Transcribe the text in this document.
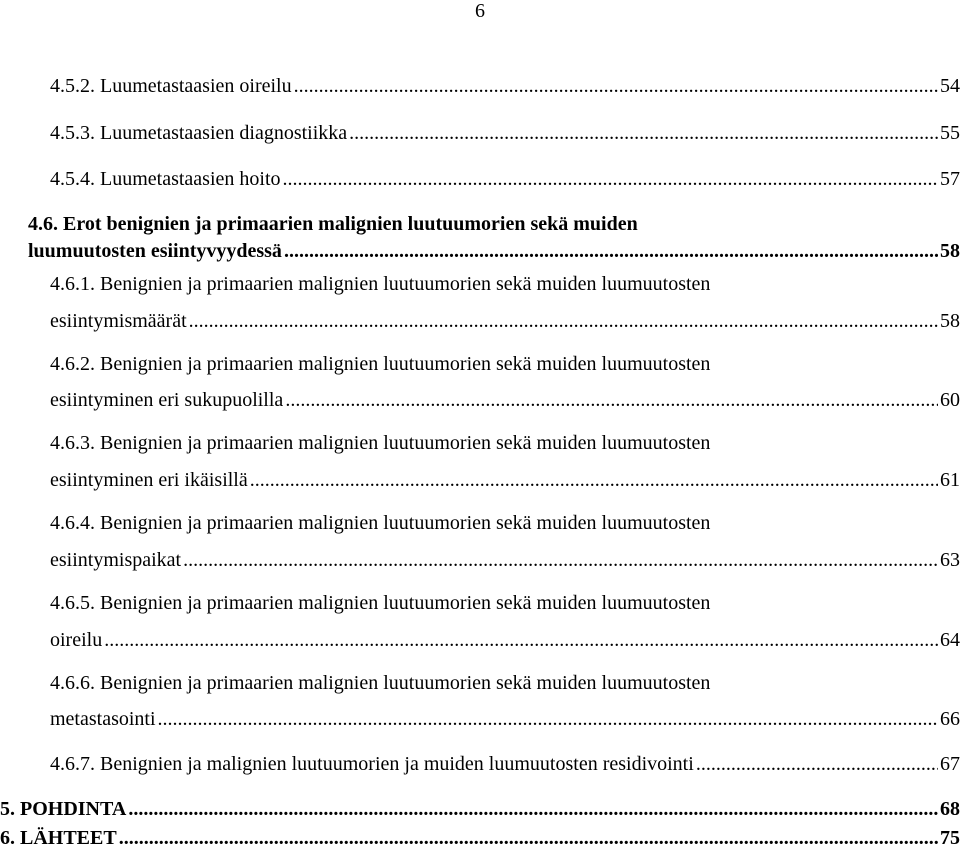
6
4.5.2. Luumetastaasien oireilu .....	54
4.5.3. Luumetastaasien diagnostiikka .....	55
4.5.4. Luumetastaasien hoito .....	57
4.6. Erot benignien ja primaarien malignien luutuumorien sekä muiden
luumuutosten esiintyvyydessä .....	58
4.6.1. Benignien ja primaarien malignien luutuumorien sekä muiden luumuutosten
esiintymismäärät .....	58
4.6.2. Benignien ja primaarien malignien luutuumorien sekä muiden luumuutosten
esiintyminen eri sukupuolilla .....	60
4.6.3. Benignien ja primaarien malignien luutuumorien sekä muiden luumuutosten
esiintyminen eri ikäisillä .....	61
4.6.4. Benignien ja primaarien malignien luutuumorien sekä muiden luumuutosten
esiintymispaikat .....	63
4.6.5. Benignien ja primaarien malignien luutuumorien sekä muiden luumuutosten
oireilu .....	64
4.6.6. Benignien ja primaarien malignien luutuumorien sekä muiden luumuutosten
metastasointi .....	66
4.6.7. Benignien ja malignien luutuumorien ja muiden luumuutosten residivointi .....	67
5. POHDINTA .....	68
6. LÄHTEET .....	75
